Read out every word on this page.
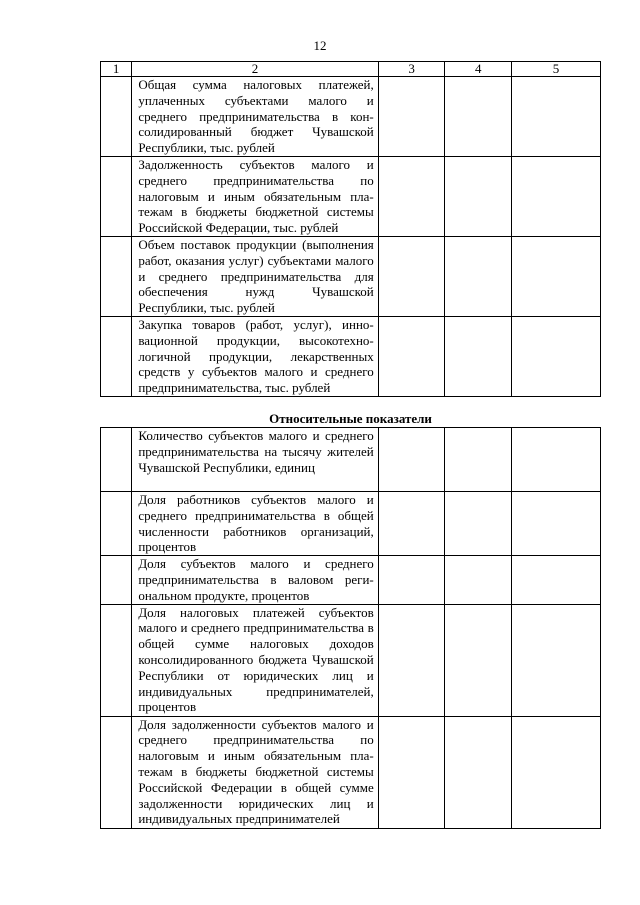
12
1	2	3	4	5
	Общая сумма налоговых платежей, уплаченных субъектами малого и среднего предпринимательства в консолидированный бюджет Чувашской Республики, тыс. рублей			
	Задолженность субъектов малого и среднего предпринимательства по налоговым и иным обязательным платежам в бюджеты бюджетной системы Российской Федерации, тыс. рублей			
	Объем поставок продукции (выполнения работ, оказания услуг) субъектами малого и среднего предпринимательства для обеспечения нужд Чувашской Республики, тыс. рублей			
	Закупка товаров (работ, услуг), инновационной продукции, высокотехнологичной продукции, лекарственных средств у субъектов малого и среднего предпринимательства, тыс. рублей			
Относительные показатели				
	Количество субъектов малого и среднего предпринимательства на тысячу жителей Чувашской Республики, единиц			
	Доля работников субъектов малого и среднего предпринимательства в общей численности работников организаций, процентов			
	Доля субъектов малого и среднего предпринимательства в валовом региональном продукте, процентов			
	Доля налоговых платежей субъектов малого и среднего предпринимательства в общей сумме налоговых доходов консолидированного бюджета Чувашской Республики от юридических лиц и индивидуальных предпринимателей, процентов			
	Доля задолженности субъектов малого и среднего предпринимательства по налоговым и иным обязательным платежам в бюджеты бюджетной системы Российской Федерации в общей сумме задолженности юридических лиц и индивидуальных предпринимателей			
